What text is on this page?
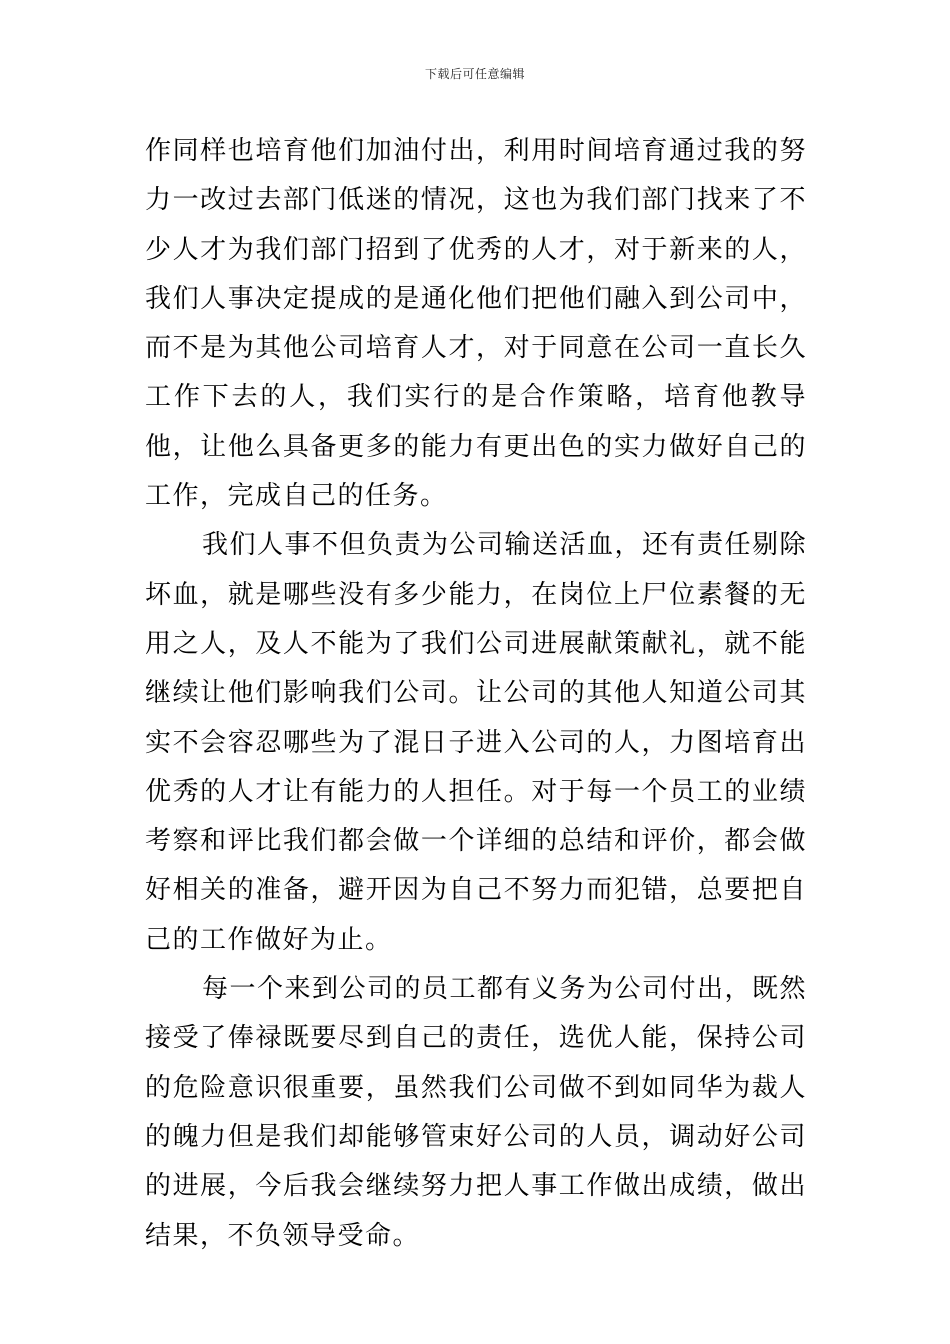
下载后可任意编辑

作同样也培育他们加油付出，利用时间培育通过我的努力一改过去部门低迷的情况，这也为我们部门找来了不少人才为我们部门招到了优秀的人才，对于新来的人，我们人事决定提成的是通化他们把他们融入到公司中，而不是为其他公司培育人才，对于同意在公司一直长久工作下去的人，我们实行的是合作策略，培育他教导他，让他么具备更多的能力有更出色的实力做好自己的工作，完成自己的任务。

我们人事不但负责为公司输送活血，还有责任剔除坏血，就是哪些没有多少能力，在岗位上尸位素餐的无用之人，及人不能为了我们公司进展献策献礼，就不能继续让他们影响我们公司。让公司的其他人知道公司其实不会容忍哪些为了混日子进入公司的人，力图培育出优秀的人才让有能力的人担任。对于每一个员工的业绩考察和评比我们都会做一个详细的总结和评价，都会做好相关的准备，避开因为自己不努力而犯错，总要把自己的工作做好为止。

每一个来到公司的员工都有义务为公司付出，既然接受了俸禄既要尽到自己的责任，选优人能，保持公司的危险意识很重要，虽然我们公司做不到如同华为裁人的魄力但是我们却能够管束好公司的人员，调动好公司的进展，今后我会继续努力把人事工作做出成绩，做出结果，不负领导受命。
